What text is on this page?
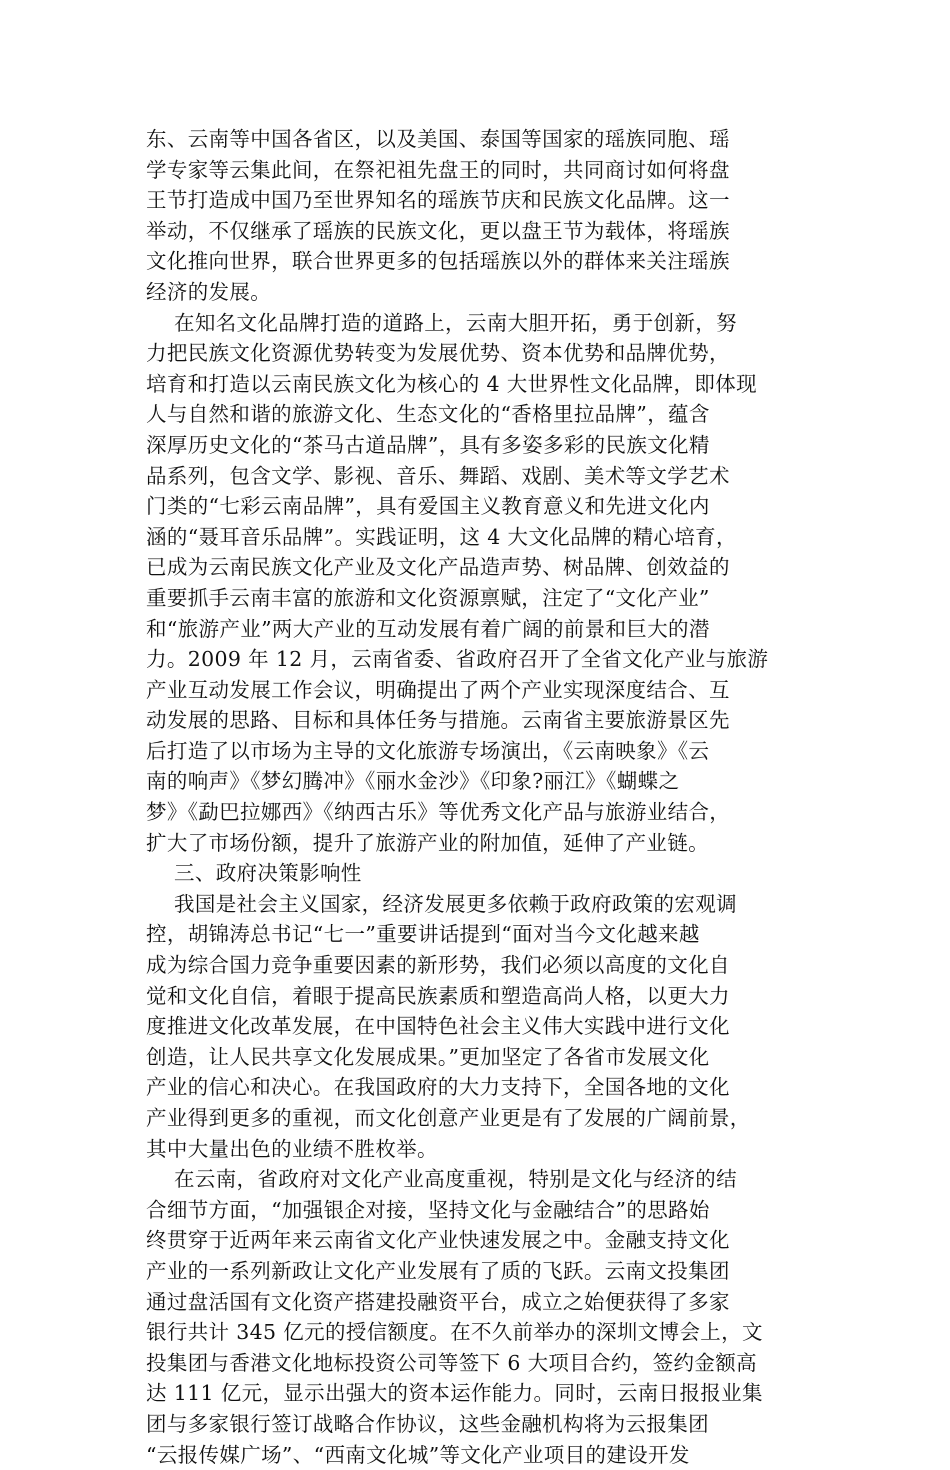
东、云南等中国各省区，以及美国、泰国等国家的瑶族同胞、瑶
学专家等云集此间，在祭祀祖先盘王的同时，共同商讨如何将盘
王节打造成中国乃至世界知名的瑶族节庆和民族文化品牌。这一
举动，不仅继承了瑶族的民族文化，更以盘王节为载体，将瑶族
文化推向世界，联合世界更多的包括瑶族以外的群体来关注瑶族
经济的发展。
在知名文化品牌打造的道路上，云南大胆开拓，勇于创新，努
力把民族文化资源优势转变为发展优势、资本优势和品牌优势，
培育和打造以云南民族文化为核心的 4 大世界性文化品牌，即体现
人与自然和谐的旅游文化、生态文化的“香格里拉品牌”，蕴含
深厚历史文化的“茶马古道品牌”，具有多姿多彩的民族文化精
品系列，包含文学、影视、音乐、舞蹈、戏剧、美术等文学艺术
门类的“七彩云南品牌”，具有爱国主义教育意义和先进文化内
涵的“聂耳音乐品牌”。实践证明，这 4 大文化品牌的精心培育，
已成为云南民族文化产业及文化产品造声势、树品牌、创效益的
重要抓手云南丰富的旅游和文化资源禀赋，注定了“文化产业”
和“旅游产业”两大产业的互动发展有着广阔的前景和巨大的潜
力。2009 年 12 月，云南省委、省政府召开了全省文化产业与旅游
产业互动发展工作会议，明确提出了两个产业实现深度结合、互
动发展的思路、目标和具体任务与措施。云南省主要旅游景区先
后打造了以市场为主导的文化旅游专场演出，《云南映象》《云
南的响声》《梦幻腾冲》《丽水金沙》《印象?丽江》《蝴蝶之
梦》《勐巴拉娜西》《纳西古乐》等优秀文化产品与旅游业结合，
扩大了市场份额，提升了旅游产业的附加值，延伸了产业链。
三、政府决策影响性
我国是社会主义国家，经济发展更多依赖于政府政策的宏观调
控，胡锦涛总书记“七一”重要讲话提到“面对当今文化越来越
成为综合国力竞争重要因素的新形势，我们必须以高度的文化自
觉和文化自信，着眼于提高民族素质和塑造高尚人格，以更大力
度推进文化改革发展，在中国特色社会主义伟大实践中进行文化
创造，让人民共享文化发展成果。”更加坚定了各省市发展文化
产业的信心和决心。在我国政府的大力支持下，全国各地的文化
产业得到更多的重视，而文化创意产业更是有了发展的广阔前景，
其中大量出色的业绩不胜枚举。
在云南，省政府对文化产业高度重视，特别是文化与经济的结
合细节方面，“加强银企对接，坚持文化与金融结合”的思路始
终贯穿于近两年来云南省文化产业快速发展之中。金融支持文化
产业的一系列新政让文化产业发展有了质的飞跃。云南文投集团
通过盘活国有文化资产搭建投融资平台，成立之始便获得了多家
银行共计 345 亿元的授信额度。在不久前举办的深圳文博会上，文
投集团与香港文化地标投资公司等签下 6 大项目合约，签约金额高
达 111 亿元，显示出强大的资本运作能力。同时，云南日报报业集
团与多家银行签订战略合作协议，这些金融机构将为云报集团
“云报传媒广场”、“西南文化城”等文化产业项目的建设开发
